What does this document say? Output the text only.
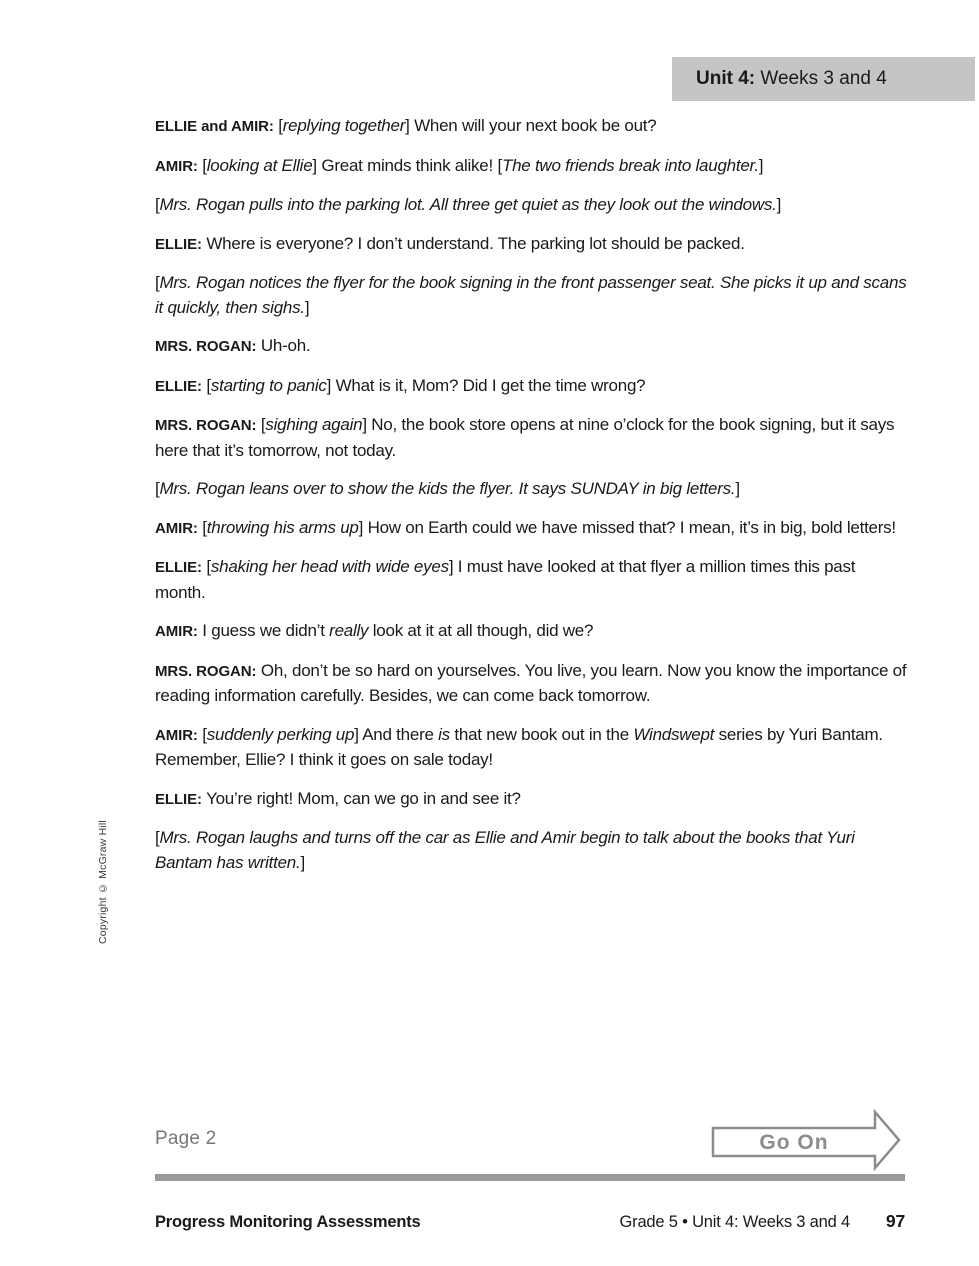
Unit 4: Weeks 3 and 4

ELLIE and AMIR: [replying together] When will your next book be out?

AMIR: [looking at Ellie] Great minds think alike! [The two friends break into laughter.]

[Mrs. Rogan pulls into the parking lot. All three get quiet as they look out the windows.]

ELLIE: Where is everyone? I don’t understand. The parking lot should be packed.

[Mrs. Rogan notices the flyer for the book signing in the front passenger seat. She picks it up and scans it quickly, then sighs.]

MRS. ROGAN: Uh-oh.

ELLIE: [starting to panic] What is it, Mom? Did I get the time wrong?

MRS. ROGAN: [sighing again] No, the book store opens at nine o’clock for the book signing, but it says here that it’s tomorrow, not today.

[Mrs. Rogan leans over to show the kids the flyer. It says SUNDAY in big letters.]

AMIR: [throwing his arms up] How on Earth could we have missed that? I mean, it’s in big, bold letters!

ELLIE: [shaking her head with wide eyes] I must have looked at that flyer a million times this past month.

AMIR: I guess we didn’t really look at it at all though, did we?

MRS. ROGAN: Oh, don’t be so hard on yourselves. You live, you learn. Now you know the importance of reading information carefully. Besides, we can come back tomorrow.

AMIR: [suddenly perking up] And there is that new book out in the Windswept series by Yuri Bantam. Remember, Ellie? I think it goes on sale today!

ELLIE: You’re right! Mom, can we go in and see it?

[Mrs. Rogan laughs and turns off the car as Ellie and Amir begin to talk about the books that Yuri Bantam has written.]

Copyright © McGraw Hill
Page 2	Go On
Progress Monitoring Assessments	Grade 5 • Unit 4: Weeks 3 and 4 97
